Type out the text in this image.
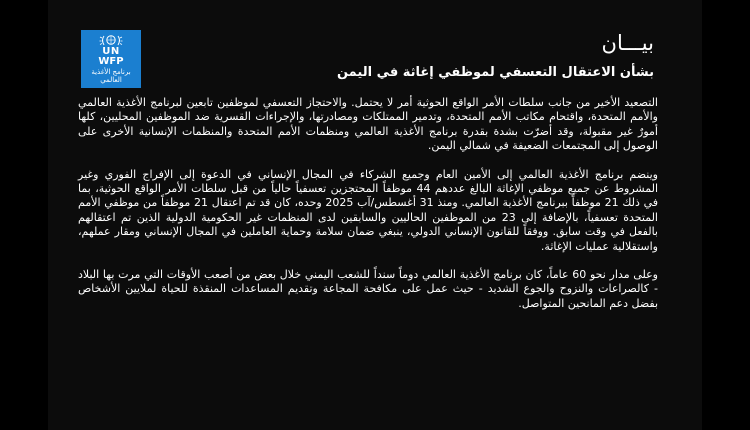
UN
WFP
برنامج الأغذية
العالمي
بيـــان
بشأن الاعتقال التعسفي لموظفي إغاثة في اليمن

التصعيد الأخير من جانب سلطات الأمر الواقع الحوثية أمر لا يحتمل. والاحتجاز التعسفي لموظفين تابعين لبرنامج الأغذية العالمي والأمم المتحدة، واقتحام مكاتب الأمم المتحدة، وتدمير الممتلكات ومصادرتها، والإجراءات القسرية ضد الموظفين المحليين، كلها أمورٌ غير مقبولة، وقد أضرّت بشدة بقدرة برنامج الأغذية العالمي ومنظمات الأمم المتحدة والمنظمات الإنسانية الأخرى على الوصول إلى المجتمعات الضعيفة في شمالي اليمن.

وينضم برنامج الأغذية العالمي إلى الأمين العام وجميع الشركاء في المجال الإنساني في الدعوة إلى الإفراج الفوري وغير المشروط عن جميع موظفي الإغاثة البالغ عددهم 44 موظفاً المحتجزين تعسفياً حالياً من قبل سلطات الأمر الواقع الحوثية، بما في ذلك 21 موظفاً ببرنامج الأغذية العالمي. ومنذ 31 أغسطس/آب 2025 وحده، كان قد تم اعتقال 21 موظفاً من موظفي الأمم المتحدة تعسفياً، بالإضافة إلى 23 من الموظفين الحاليين والسابقين لدى المنظمات غير الحكومية الدولية الذين تم اعتقالهم بالفعل في وقت سابق. ووفقاً للقانون الإنساني الدولي، ينبغي ضمان سلامة وحماية العاملين في المجال الإنساني ومقار عملهم، واستقلالية عمليات الإغاثة.

وعلى مدار نحو 60 عاماً، كان برنامج الأغذية العالمي دوماً سنداً للشعب اليمني خلال بعض من أصعب الأوقات التي مرت بها البلاد - كالصراعات والنزوح والجوع الشديد - حيث عمل على مكافحة المجاعة وتقديم المساعدات المنقذة للحياة لملايين الأشخاص بفضل دعم المانحين المتواصل.
